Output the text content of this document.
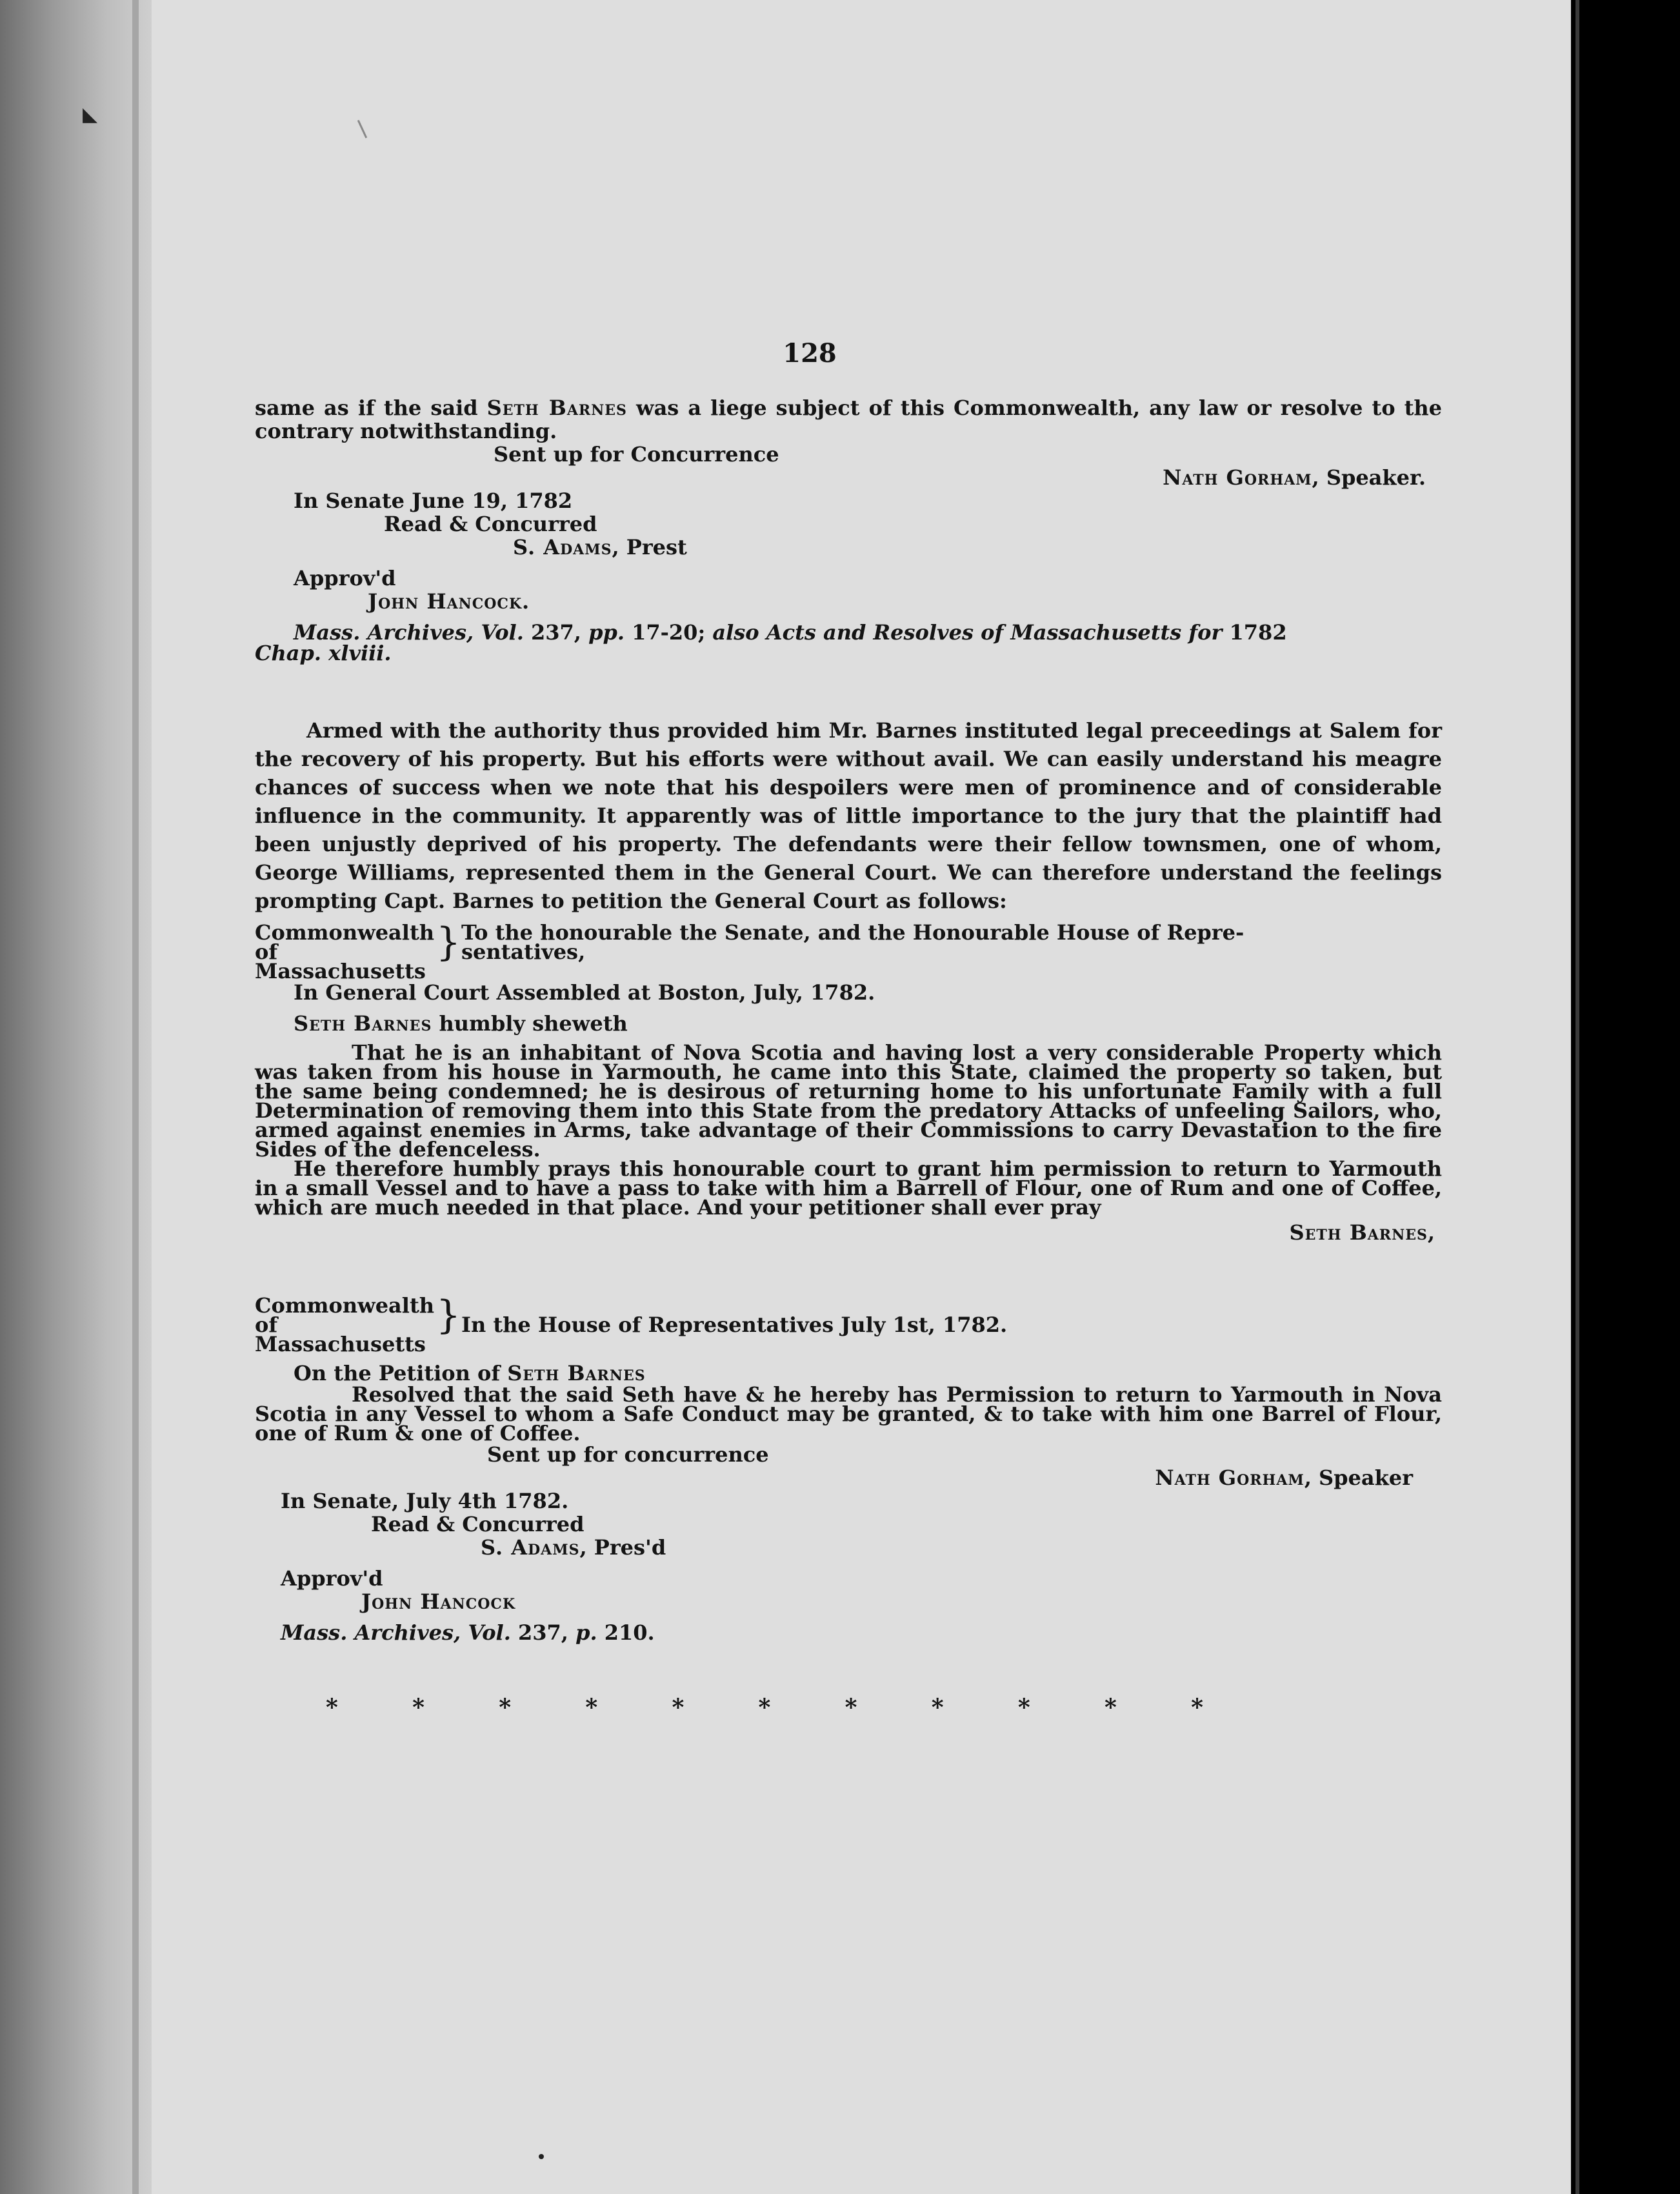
◣
128
same as if the said Seth Barnes was a liege subject of this Commonwealth, any law or resolve to the contrary notwithstanding.
Sent up for Concurrence
Nath Gorham, Speaker.
In Senate June 19, 1782
Read & Concurred
S. Adams, Prest
Approv'd
John Hancock.
Mass. Archives, Vol. 237, pp. 17-20; also Acts and Resolves of Massachusetts for 1782
Chap. xlviii.
Armed with the authority thus provided him Mr. Barnes instituted legal preceedings at Salem for the recovery of his property. But his efforts were without avail. We can easily understand his meagre chances of success when we note that his despoilers were men of prominence and of considerable influence in the community. It apparently was of little importance to the jury that the plaintiff had been unjustly deprived of his property. The defendants were their fellow townsmen, one of whom, George Williams, represented them in the General Court. We can therefore understand the feelings prompting Capt. Barnes to petition the General Court as follows:
Commonwealth
of Massachusetts
} To the honourable the Senate, and the Honourable House of Repre-
sentatives,
In General Court Assembled at Boston, July, 1782.
Seth Barnes humbly sheweth
That he is an inhabitant of Nova Scotia and having lost a very considerable Property which was taken from his house in Yarmouth, he came into this State, claimed the property so taken, but the same being condemned; he is desirous of returning home to his unfortunate Family with a full Determination of removing them into this State from the predatory Attacks of unfeeling Sailors, who, armed against enemies in Arms, take advantage of their Commissions to carry Devastation to the fire Sides of the defenceless.
He therefore humbly prays this honourable court to grant him permission to return to Yarmouth in a small Vessel and to have a pass to take with him a Barrell of Flour, one of Rum and one of Coffee, which are much needed in that place. And your petitioner shall ever pray
Seth Barnes,
Commonwealth
of Massachusetts
} In the House of Representatives July 1st, 1782.
On the Petition of Seth Barnes
Resolved that the said Seth have & he hereby has Permission to return to Yarmouth in Nova Scotia in any Vessel to whom a Safe Conduct may be granted, & to take with him one Barrel of Flour, one of Rum & one of Coffee.
Sent up for concurrence
Nath Gorham, Speaker
In Senate, July 4th 1782.
Read & Concurred
S. Adams, Pres'd
Approv'd
John Hancock
Mass. Archives, Vol. 237, p. 210.
*	*	*	*	*	*	*	*	*	*	*
